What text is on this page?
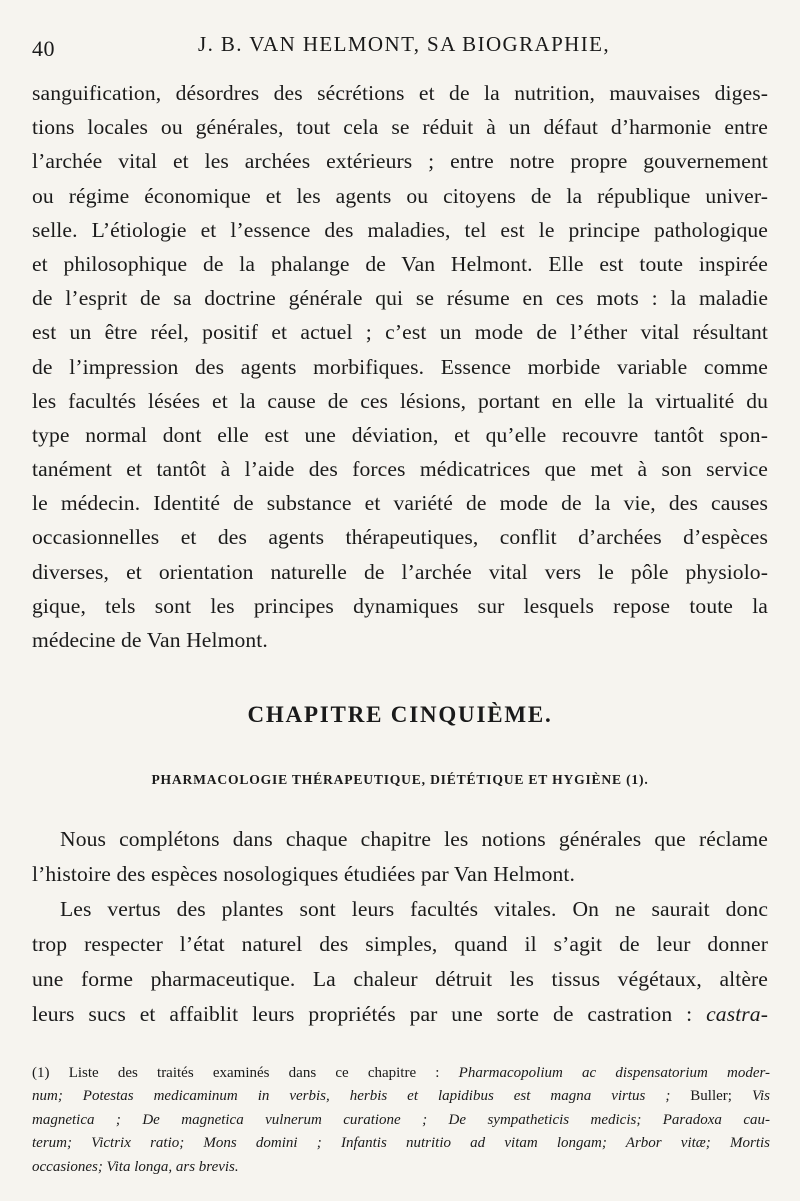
40	J. B. VAN HELMONT, SA BIOGRAPHIE,
sanguification, désordres des sécrétions et de la nutrition, mauvaises diges-
tions locales ou générales, tout cela se réduit à un défaut d’harmonie entre
l’archée vital et les archées extérieurs ; entre notre propre gouvernement
ou régime économique et les agents ou citoyens de la république univer-
selle. L’étiologie et l’essence des maladies, tel est le principe pathologique
et philosophique de la phalange de Van Helmont. Elle est toute inspirée
de l’esprit de sa doctrine générale qui se résume en ces mots : la maladie
est un être réel, positif et actuel ; c’est un mode de l’éther vital résultant
de l’impression des agents morbifiques. Essence morbide variable comme
les facultés lésées et la cause de ces lésions, portant en elle la virtualité du
type normal dont elle est une déviation, et qu’elle recouvre tantôt spon-
tanément et tantôt à l’aide des forces médicatrices que met à son service
le médecin. Identité de substance et variété de mode de la vie, des causes
occasionnelles et des agents thérapeutiques, conflit d’archées d’espèces
diverses, et orientation naturelle de l’archée vital vers le pôle physiolo-
gique, tels sont les principes dynamiques sur lesquels repose toute la
médecine de Van Helmont.
CHAPITRE CINQUIÈME.
PHARMACOLOGIE THÉRAPEUTIQUE, DIÉTÉTIQUE ET HYGIÈNE (1).
Nous complétons dans chaque chapitre les notions générales que réclame
l’histoire des espèces nosologiques étudiées par Van Helmont.
Les vertus des plantes sont leurs facultés vitales. On ne saurait donc
trop respecter l’état naturel des simples, quand il s’agit de leur donner
une forme pharmaceutique. La chaleur détruit les tissus végétaux, altère
leurs sucs et affaiblit leurs propriétés par une sorte de castration : castra-
(1) Liste des traités examinés dans ce chapitre : Pharmacopolium ac dispensatorium moder-
num; Potestas medicaminum in verbis, herbis et lapidibus est magna virtus ; Buller; Vis
magnetica ; De magnetica vulnerum curatione ; De sympatheticis medicis; Paradoxa cau-
terum; Victrix ratio; Mons domini ; Infantis nutritio ad vitam longam; Arbor vitæ; Mortis
occasiones; Vita longa, ars brevis.
